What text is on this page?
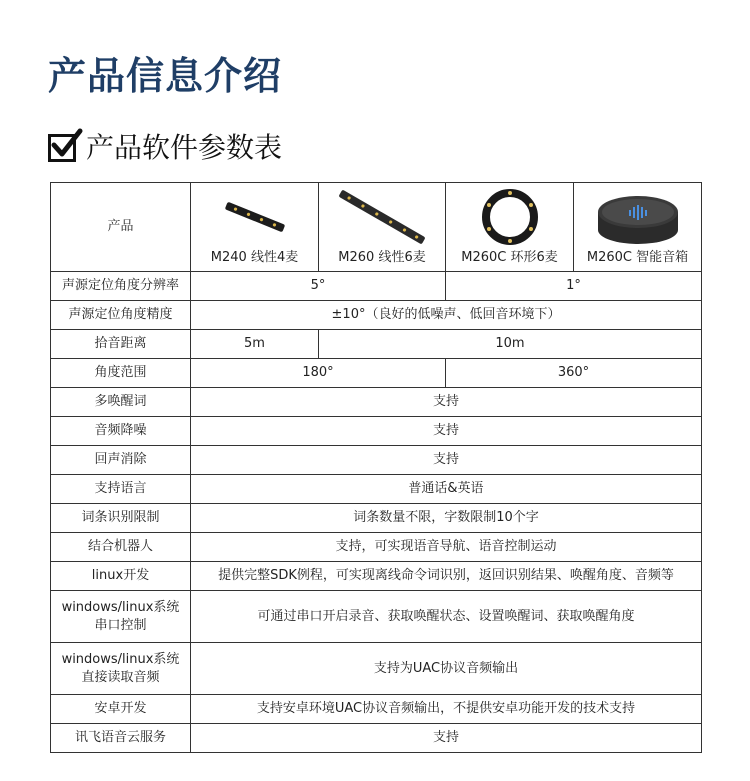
产品信息介绍
产品软件参数表
产品	M240 线性4麦	M260 线性6麦	M260C 环形6麦	M260C 智能音箱

声源定位角度分辨率	5°		1°	
声源定位角度精度	±10°（良好的低噪声、低回音环境下）			
拾音距离	5m	10m		
角度范围	180°		360°	
多唤醒词	支持			
音频降噪	支持			
回声消除	支持			
支持语言	普通话&英语			
词条识别限制	词条数量不限，字数限制10个字			
结合机器人	支持，可实现语音导航、语音控制运动			
linux开发	提供完整SDK例程，可实现离线命令词识别，返回识别结果、唤醒角度、音频等			

windows/linux系统
串口控制	可通过串口开启录音、获取唤醒状态、设置唤醒词、获取唤醒角度			

windows/linux系统
直接读取音频	支持为UAC协议音频输出			
安卓开发	支持安卓环境UAC协议音频输出，不提供安卓功能开发的技术支持			
讯飞语音云服务	支持			
